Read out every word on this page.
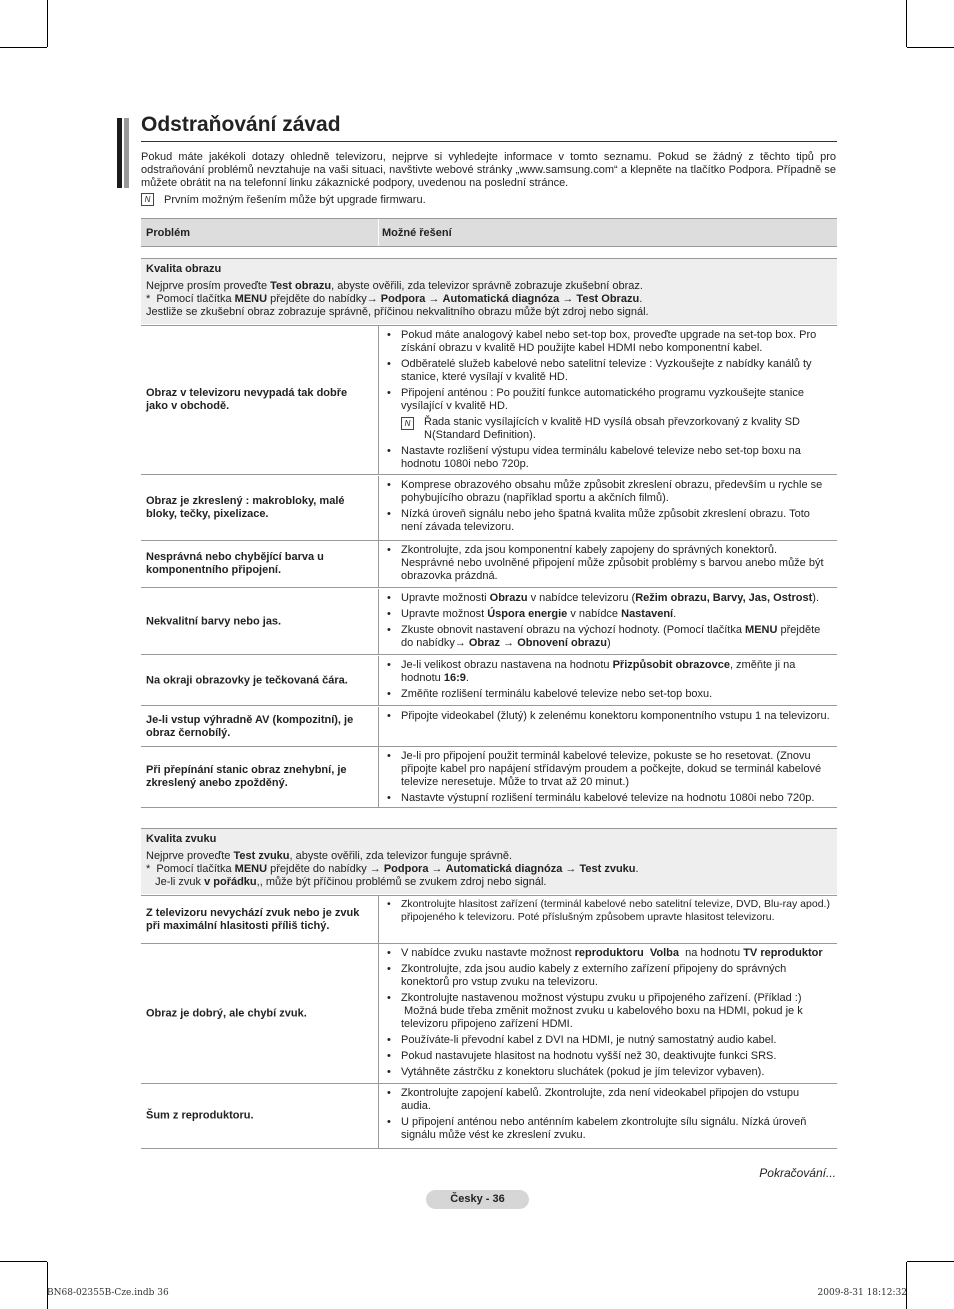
Odstraňování závad
Pokud máte jakékoli dotazy ohledně televizoru, nejprve si vyhledejte informace v tomto seznamu. Pokud se žádný z těchto tipů pro odstraňování problémů nevztahuje na vaši situaci, navštivte webové stránky „www.samsung.com“ a klepněte na tlačítko Podpora. Případně se můžete obrátit na na telefonní linku zákaznické podpory, uvedenou na poslední stránce.
N	Prvním možným řešením může být upgrade firmwaru.
Problém	Možné řešení
Kvalita obrazu
Nejprve prosím proveďte Test obrazu, abyste ověřili, zda televizor správně zobrazuje zkušební obraz.
*  Pomocí tlačítka MENU přejděte do nabídky→ Podpora → Automatická diagnóza → Test Obrazu.
Jestliže se zkušební obraz zobrazuje správně, příčinou nekvalitního obrazu může být zdroj nebo signál.
Kvalita zvuku
Nejprve proveďte Test zvuku, abyste ověřili, zda televizor funguje správně.
*  Pomocí tlačítka MENU přejděte do nabídky → Podpora → Automatická diagnóza → Test zvuku.
Je-li zvuk v pořádku,, může být příčinou problémů se zvukem zdroj nebo signál.
Obraz v televizoru nevypadá tak dobře jako v obchodě.
• Pokud máte analogový kabel nebo set-top box, proveďte upgrade na set-top box. Pro získání obrazu v kvalitě HD použijte kabel HDMI nebo komponentní kabel.
• Odběratelé služeb kabelové nebo satelitní televize : Vyzkoušejte z nabídky kanálů ty stanice, které vysílají v kvalitě HD.
• Připojení anténou : Po použití funkce automatického programu vyzkoušejte stanice vysílající v kvalitě HD.
N	Řada stanic vysílajících v kvalitě HD vysílá obsah převzorkovaný z kvality SD N(Standard Definition).
• Nastavte rozlišení výstupu videa terminálu kabelové televize nebo set-top boxu na hodnotu 1080i nebo 720p.
Obraz je zkreslený : makrobloky, malé bloky, tečky, pixelizace.
• Komprese obrazového obsahu může způsobit zkreslení obrazu, především u rychle se pohybujícího obrazu (například sportu a akčních filmů).
• Nízká úroveň signálu nebo jeho špatná kvalita může způsobit zkreslení obrazu. Toto není závada televizoru.
Nesprávná nebo chybějící barva u komponentního připojení.
• Zkontrolujte, zda jsou komponentní kabely zapojeny do správných konektorů. Nesprávné nebo uvolněné připojení může způsobit problémy s barvou anebo může být obrazovka prázdná.
Nekvalitní barvy nebo jas.
• Upravte možnosti Obrazu v nabídce televizoru (Režim obrazu, Barvy, Jas, Ostrost).
• Upravte možnost Úspora energie v nabídce Nastavení.
• Zkuste obnovit nastavení obrazu na výchozí hodnoty. (Pomocí tlačítka MENU přejděte do nabídky→ Obraz → Obnovení obrazu)
Na okraji obrazovky je tečkovaná čára.
• Je-li velikost obrazu nastavena na hodnotu Přizpůsobit obrazovce, změňte ji na hodnotu 16:9.
• Změňte rozlišení terminálu kabelové televize nebo set-top boxu.
Je-li vstup výhradně AV (kompozitní), je obraz černobílý.
• Připojte videokabel (žlutý) k zelenému konektoru komponentního vstupu 1 na televizoru.
Při přepínání stanic obraz znehybní, je zkreslený anebo zpožděný.
• Je-li pro připojení použit terminál kabelové televize, pokuste se ho resetovat. (Znovu připojte kabel pro napájení střídavým proudem a počkejte, dokud se terminál kabelové televize neresetuje. Může to trvat až 20 minut.)
• Nastavte výstupní rozlišení terminálu kabelové televize na hodnotu 1080i nebo 720p.
Z televizoru nevychází zvuk nebo je zvuk při maximální hlasitosti příliš tichý.
• Zkontrolujte hlasitost zařízení (terminál kabelové nebo satelitní televize, DVD, Blu-ray apod.) připojeného k televizoru. Poté příslušným způsobem upravte hlasitost televizoru.
Obraz je dobrý, ale chybí zvuk.
• V nabídce zvuku nastavte možnost reproduktoru  Volba  na hodnotu TV reproduktor
• Zkontrolujte, zda jsou audio kabely z externího zařízení připojeny do správných konektorů pro vstup zvuku na televizoru.
• Zkontrolujte nastavenou možnost výstupu zvuku u připojeného zařízení. (Příklad :)  Možná bude třeba změnit možnost zvuku u kabelového boxu na HDMI, pokud je k televizoru připojeno zařízení HDMI.
• Používáte-li převodní kabel z DVI na HDMI, je nutný samostatný audio kabel.
• Pokud nastavujete hlasitost na hodnotu vyšší než 30, deaktivujte funkci SRS.
• Vytáhněte zástrčku z konektoru sluchátek (pokud je jím televizor vybaven).
Šum z reproduktoru.
• Zkontrolujte zapojení kabelů. Zkontrolujte, zda není videokabel připojen do vstupu audia.
• U připojení anténou nebo anténním kabelem zkontrolujte sílu signálu. Nízká úroveň signálu může vést ke zkreslení zvuku.
Pokračování...
Česky - 36
BN68-02355B-Cze.indb 36	2009-8-31 18:12:32
